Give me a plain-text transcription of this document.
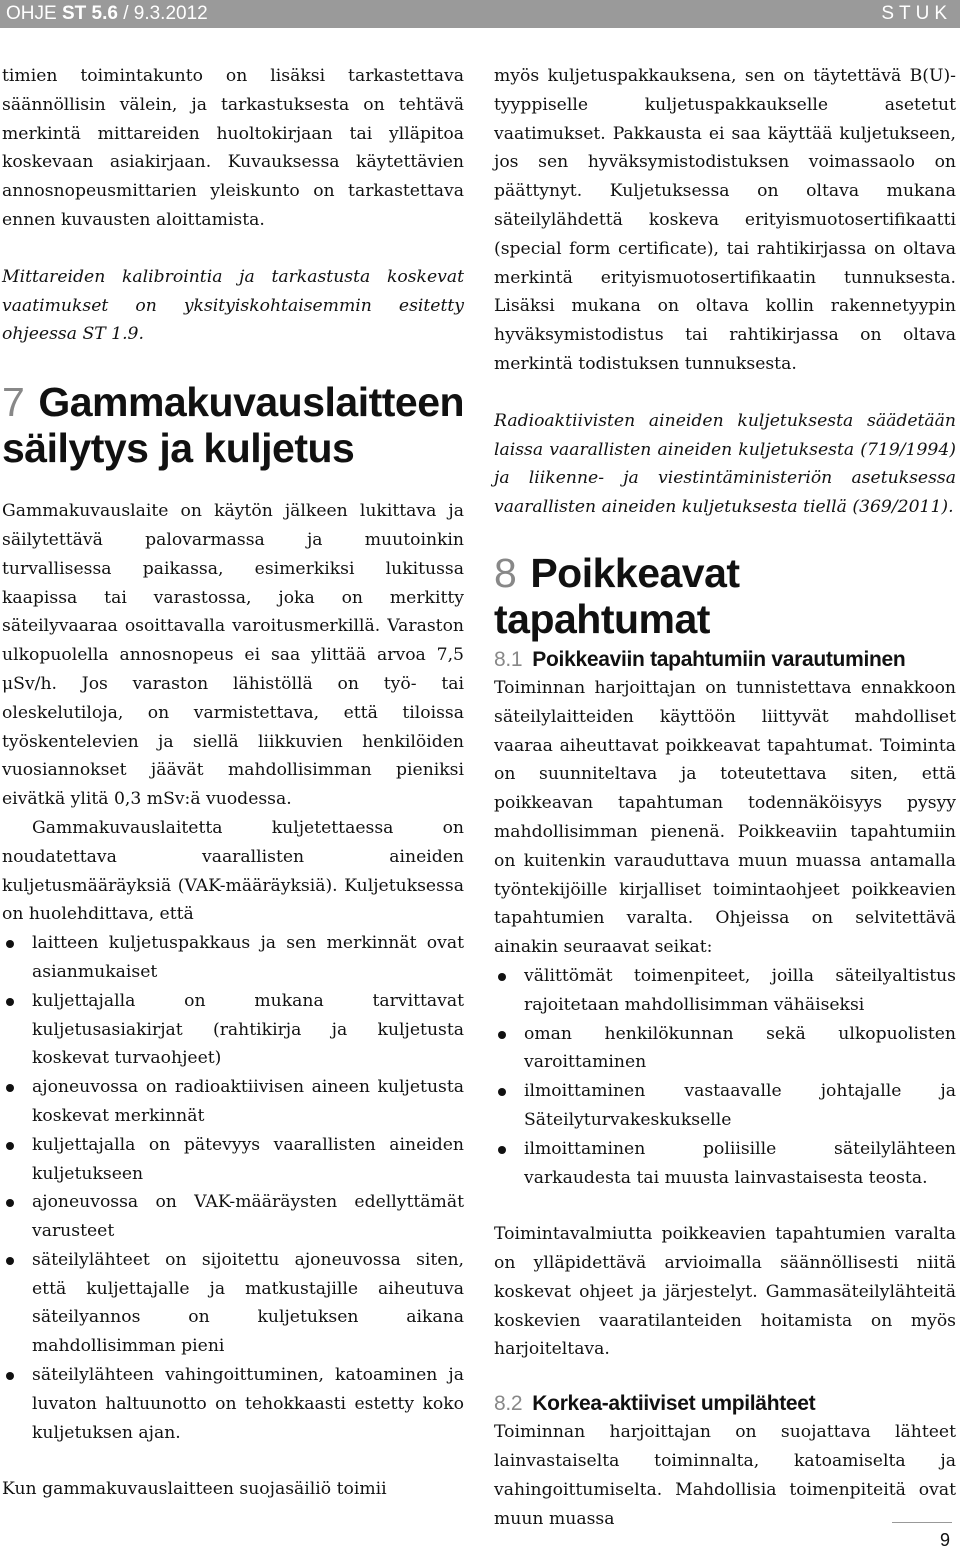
OHJE ST 5.6 / 9.3.2012	STUK

timien toimintakunto on lisäksi tarkastettava säännöllisin välein, ja tarkastuksesta on tehtävä merkintä mittareiden huoltokirjaan tai ylläpitoa koskevaan asiakirjaan. Kuvauksessa käytettävien annosnopeusmittarien yleiskunto on tarkastettava ennen kuvausten aloittamista.

Mittareiden kalibrointia ja tarkastusta koskevat vaatimukset on yksityiskohtaisemmin esitetty ohjeessa ST 1.9.

7 Gammakuvauslaitteen säilytys ja kuljetus

Gammakuvauslaite on käytön jälkeen lukittava ja säilytettävä palovarmassa ja muutoinkin turvallisessa paikassa, esimerkiksi lukitussa kaapissa tai varastossa, joka on merkitty säteilyvaaraa osoittavalla varoitusmerkillä. Varaston ulkopuolella annosnopeus ei saa ylittää arvoa 7,5 μSv/h. Jos varaston lähistöllä on työ- tai oleskelutiloja, on varmistettava, että tiloissa työskentelevien ja siellä liikkuvien henkilöiden vuosiannokset jäävät mahdollisimman pieniksi eivätkä ylitä 0,3 mSv:ä vuodessa.

Gammakuvauslaitetta kuljetettaessa on noudatettava vaarallisten aineiden kuljetusmääräyksiä (VAK-määräyksiä). Kuljetuksessa on huolehdittava, että

laitteen kuljetuspakkaus ja sen merkinnät ovat asianmukaiset
kuljettajalla on mukana tarvittavat kuljetusasiakirjat (rahtikirja ja kuljetusta koskevat turvaohjeet)
ajoneuvossa on radioaktiivisen aineen kuljetusta koskevat merkinnät
kuljettajalla on pätevyys vaarallisten aineiden kuljetukseen
ajoneuvossa on VAK-määräysten edellyttämät varusteet
säteilylähteet on sijoitettu ajoneuvossa siten, että kuljettajalle ja matkustajille aiheutuva säteilyannos on kuljetuksen aikana mahdollisimman pieni
säteilylähteen vahingoittuminen, katoaminen ja luvaton haltuunotto on tehokkaasti estetty koko kuljetuksen ajan.

Kun gammakuvauslaitteen suojasäiliö toimii

myös kuljetuspakkauksena, sen on täytettävä B(U)-tyyppiselle kuljetuspakkaukselle asetetut vaatimukset. Pakkausta ei saa käyttää kuljetukseen, jos sen hyväksymistodistuksen voimassaolo on päättynyt. Kuljetuksessa on oltava mukana säteilylähdettä koskeva erityismuotosertifikaatti (special form certificate), tai rahtikirjassa on oltava merkintä erityismuotosertifikaatin tunnuksesta. Lisäksi mukana on oltava kollin rakennetyypin hyväksymistodistus tai rahtikirjassa on oltava merkintä todistuksen tunnuksesta.

Radioaktiivisten aineiden kuljetuksesta säädetään laissa vaarallisten aineiden kuljetuksesta (719/1994) ja liikenne- ja viestintäministeriön asetuksessa vaarallisten aineiden kuljetuksesta tiellä (369/2011).

8 Poikkeavat tapahtumat
8.1 Poikkeaviin tapahtumiin varautuminen

Toiminnan harjoittajan on tunnistettava ennakkoon säteilylaitteiden käyttöön liittyvät mahdolliset vaaraa aiheuttavat poikkeavat tapahtumat. Toiminta on suunniteltava ja toteutettava siten, että poikkeavan tapahtuman todennäköisyys pysyy mahdollisimman pienenä. Poikkeaviin tapahtumiin on kuitenkin varauduttava muun muassa antamalla työntekijöille kirjalliset toimintaohjeet poikkeavien tapahtumien varalta. Ohjeissa on selvitettävä ainakin seuraavat seikat:

välittömät toimenpiteet, joilla säteilyaltistus rajoitetaan mahdollisimman vähäiseksi
oman henkilökunnan sekä ulkopuolisten varoittaminen
ilmoittaminen vastaavalle johtajalle ja Säteilyturvakeskukselle
ilmoittaminen poliisille säteilylähteen varkaudesta tai muusta lainvastaisesta teosta.

Toimintavalmiutta poikkeavien tapahtumien varalta on ylläpidettävä arvioimalla säännöllisesti niitä koskevat ohjeet ja järjestelyt. Gammasäteilylähteitä koskevien vaaratilanteiden hoitamista on myös harjoiteltava.

8.2 Korkea-aktiiviset umpilähteet

Toiminnan harjoittajan on suojattava lähteet lainvastaiselta toiminnalta, katoamiselta ja vahingoittumiselta. Mahdollisia toimenpiteitä ovat muun muassa

9
